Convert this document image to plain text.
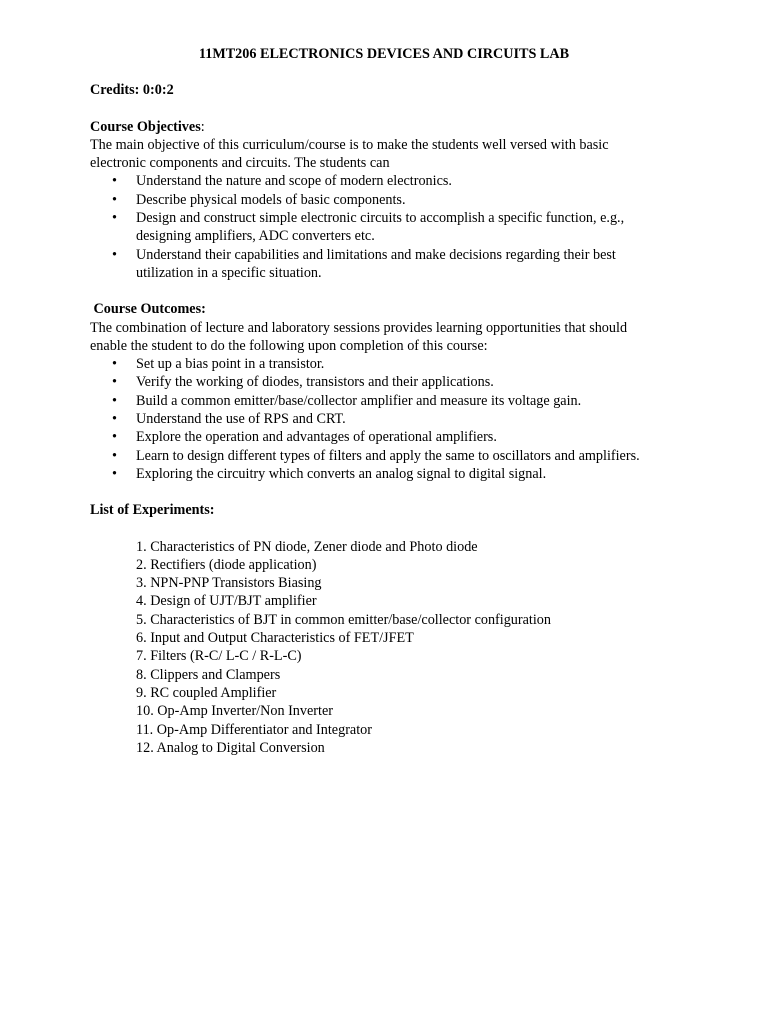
11MT206 ELECTRONICS DEVICES AND CIRCUITS LAB
Credits: 0:0:2
Course Objectives:

The main objective of this curriculum/course is to make the students well versed with basic electronic components and circuits. The students can

• Understand the nature and scope of modern electronics.
• Describe physical models of basic components.
• Design and construct simple electronic circuits to accomplish a specific function, e.g., designing amplifiers, ADC converters etc.
• Understand their capabilities and limitations and make decisions regarding their best utilization in a specific situation.
Course Outcomes:

The combination of lecture and laboratory sessions provides learning opportunities that should enable the student to do the following upon completion of this course:

• Set up a bias point in a transistor.
• Verify the working of diodes, transistors and their applications.
• Build a common emitter/base/collector amplifier and measure its voltage gain.
• Understand the use of RPS and CRT.
• Explore the operation and advantages of operational amplifiers.
• Learn to design different types of filters and apply the same to oscillators and amplifiers.
• Exploring the circuitry which converts an analog signal to digital signal.
List of Experiments:
1. Characteristics of PN diode, Zener diode and Photo diode
2. Rectifiers (diode application)
3. NPN-PNP Transistors Biasing
4. Design of UJT/BJT amplifier
5. Characteristics of BJT in common emitter/base/collector configuration
6. Input and Output Characteristics of FET/JFET
7. Filters (R-C/ L-C / R-L-C)
8. Clippers and Clampers
9. RC coupled Amplifier
10. Op-Amp Inverter/Non Inverter
11. Op-Amp Differentiator and Integrator
12. Analog to Digital Conversion
